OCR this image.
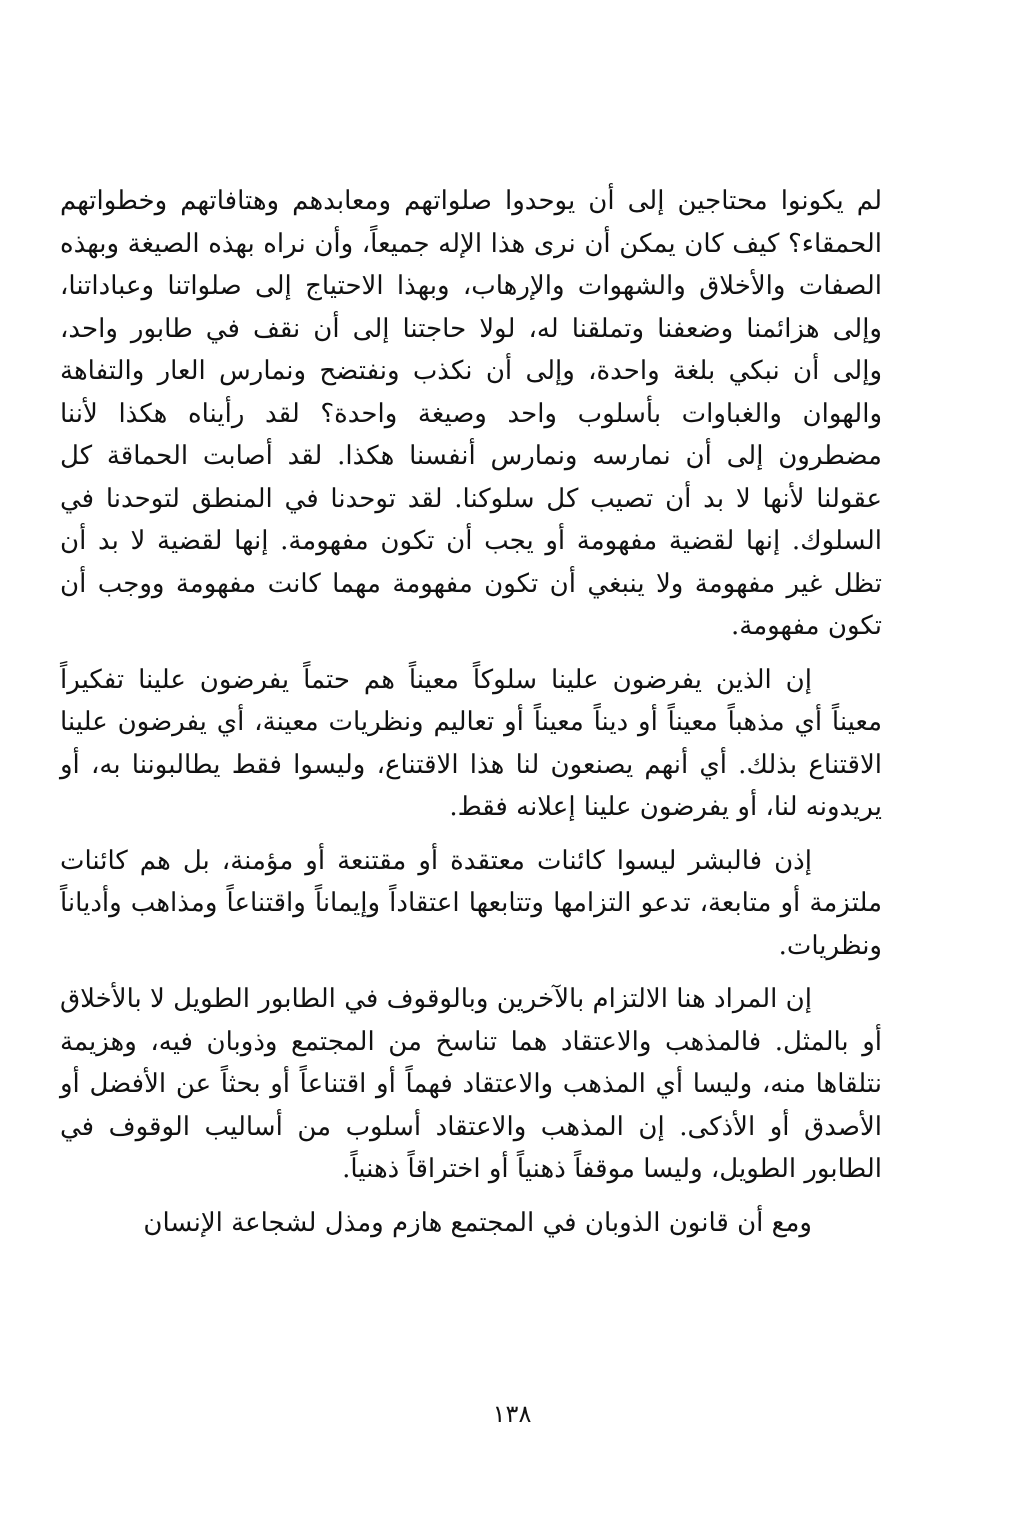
لم يكونوا محتاجين إلى أن يوحدوا صلواتهم ومعابدهم وهتافاتهم وخطواتهم الحمقاء؟ كيف كان يمكن أن نرى هذا الإله جميعاً، وأن نراه بهذه الصيغة وبهذه الصفات والأخلاق والشهوات والإرهاب، وبهذا الاحتياج إلى صلواتنا وعباداتنا، وإلى هزائمنا وضعفنا وتملقنا له، لولا حاجتنا إلى أن نقف في طابور واحد، وإلى أن نبكي بلغة واحدة، وإلى أن نكذب ونفتضح ونمارس العار والتفاهة والهوان والغباوات بأسلوب واحد وصيغة واحدة؟ لقد رأيناه هكذا لأننا مضطرون إلى أن نمارسه ونمارس أنفسنا هكذا. لقد أصابت الحماقة كل عقولنا لأنها لا بد أن تصيب كل سلوكنا. لقد توحدنا في المنطق لتوحدنا في السلوك. إنها لقضية مفهومة أو يجب أن تكون مفهومة. إنها لقضية لا بد أن تظل غير مفهومة ولا ينبغي أن تكون مفهومة مهما كانت مفهومة ووجب أن تكون مفهومة.

إن الذين يفرضون علينا سلوكاً معيناً هم حتماً يفرضون علينا تفكيراً معيناً أي مذهباً معيناً أو ديناً معيناً أو تعاليم ونظريات معينة، أي يفرضون علينا الاقتناع بذلك. أي أنهم يصنعون لنا هذا الاقتناع، وليسوا فقط يطالبوننا به، أو يريدونه لنا، أو يفرضون علينا إعلانه فقط.

إذن فالبشر ليسوا كائنات معتقدة أو مقتنعة أو مؤمنة، بل هم كائنات ملتزمة أو متابعة، تدعو التزامها وتتابعها اعتقاداً وإيماناً واقتناعاً ومذاهب وأدياناً ونظريات.

إن المراد هنا الالتزام بالآخرين وبالوقوف في الطابور الطويل لا بالأخلاق أو بالمثل. فالمذهب والاعتقاد هما تناسخ من المجتمع وذوبان فيه، وهزيمة نتلقاها منه، وليسا أي المذهب والاعتقاد فهماً أو اقتناعاً أو بحثاً عن الأفضل أو الأصدق أو الأذكى. إن المذهب والاعتقاد أسلوب من أساليب الوقوف في الطابور الطويل، وليسا موقفاً ذهنياً أو اختراقاً ذهنياً.

ومع أن قانون الذوبان في المجتمع هازم ومذل لشجاعة الإنسان

١٣٨
